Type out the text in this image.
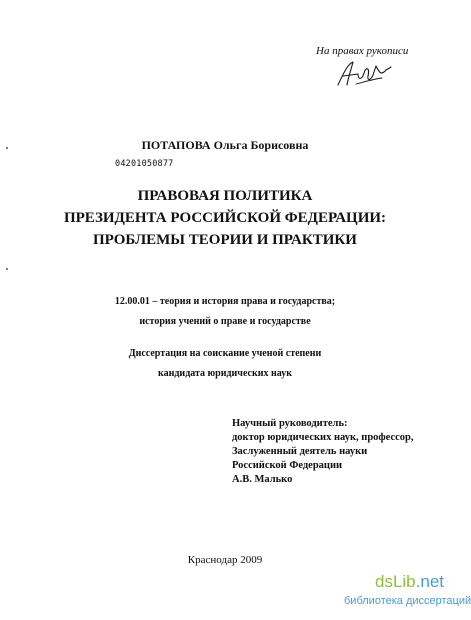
На правах рукописи
ПОТАПОВА Ольга Борисовна
04201050877
ПРАВОВАЯ ПОЛИТИКА
ПРЕЗИДЕНТА РОССИЙСКОЙ ФЕДЕРАЦИИ:
ПРОБЛЕМЫ ТЕОРИИ И ПРАКТИКИ
12.00.01 – теория и история права и государства;
история учений о праве и государстве
Диссертация на соискание ученой степени
кандидата юридических наук
Научный руководитель:
доктор юридических наук, профессор,
Заслуженный деятель науки
Российской Федерации
А.В. Малько
Краснодар 2009
dsLib.net
библиотека диссертаций
